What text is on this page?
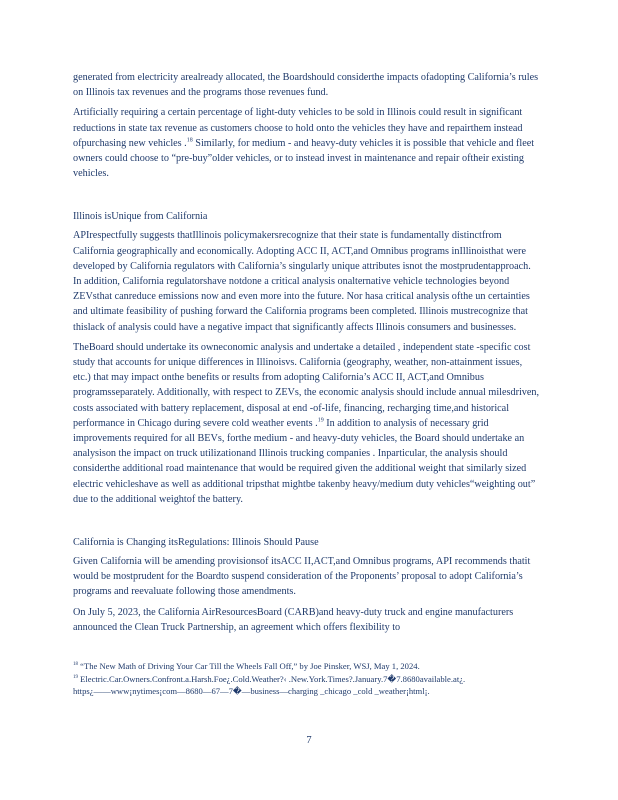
generated from electricity arealready allocated, the Boardshould considerthe impacts ofadopting California’s rules on Illinois tax revenues and the programs those revenues fund.

Artificially requiring a certain percentage of light-duty vehicles to be sold in Illinois could result in significant reductions in state tax revenue as customers choose to hold onto the vehicles they have and repairthem instead ofpurchasing new vehicles .$^{18}$ Similarly, for medium - and heavy-duty vehicles it is possible that vehicle and fleet owners could choose to “pre-buy”older vehicles, or to instead invest in maintenance and repair oftheir existing vehicles.

Illinois isUnique from California

APIrespectfully suggests thatIllinois policymakersrecognize that their state is fundamentally distinctfrom California geographically and economically. Adopting ACC II, ACT,and Omnibus programs inIllinoisthat were developed by California regulators with California’s singularly unique attributes isnot the mostprudentapproach. In addition, California regulatorshave notdone a critical analysis onalternative vehicle technologies beyond ZEVsthat canreduce emissions now and even more into the future. Nor hasa critical analysis ofthe un certainties and ultimate feasibility of pushing forward the California programs been completed. Illinois mustrecognize that thislack of analysis could have a negative impact that significantly affects Illinois consumers and businesses.

TheBoard should undertake its owneconomic analysis and undertake a detailed , independent state -specific cost study that accounts for unique differences in Illinoisvs. California (geography, weather, non-attainment issues, etc.) that may impact onthe benefits or results from adopting California’s ACC II, ACT,and Omnibus programsseparately. Additionally, with respect to ZEVs, the economic analysis should include annual milesdriven, costs associated with battery replacement, disposal at end -of-life, financing, recharging time,and historical performance in Chicago during severe cold weather events .$^{19}$ In addition to analysis of necessary grid improvements required for all BEVs, forthe medium - and heavy-duty vehicles, the Board should undertake an analysison the impact on truck utilizationand Illinois trucking companies . Inparticular, the analysis should considerthe additional road maintenance that would be required given the additional weight that similarly sized electric vehicleshave as well as additional tripsthat mightbe takenby heavy/medium duty vehicles“weighting out” due to the additional weightof the battery.

California is Changing itsRegulations: Illinois Should Pause

Given California will be amending provisionsof itsACC II,ACT,and Omnibus programs, API recommends thatit would be mostprudent for the Boardto suspend consideration of the Proponents’ proposal to adopt California’s programs and reevaluate following those amendments.

On July 5, 2023, the California AirResourcesBoard (CARB)and heavy-duty truck and engine manufacturers announced the Clean Truck Partnership, an agreement which offers flexibility to

$^{18}$ “The New Math of Driving Your Car Till the Wheels Fall Off,” by Joe Pinsker, WSJ, May 1, 2024.

$^{19}$ Electric.Car.Owners.Confront.a.Harsh.Foe¿.Cold.Weather?‹ .New.York.Times?.January.7�7.8680available.at¿.

https¿——www¡nytimes¡com—8680—67—7�—business—charging _chicago _cold _weather¡html¡.

7
